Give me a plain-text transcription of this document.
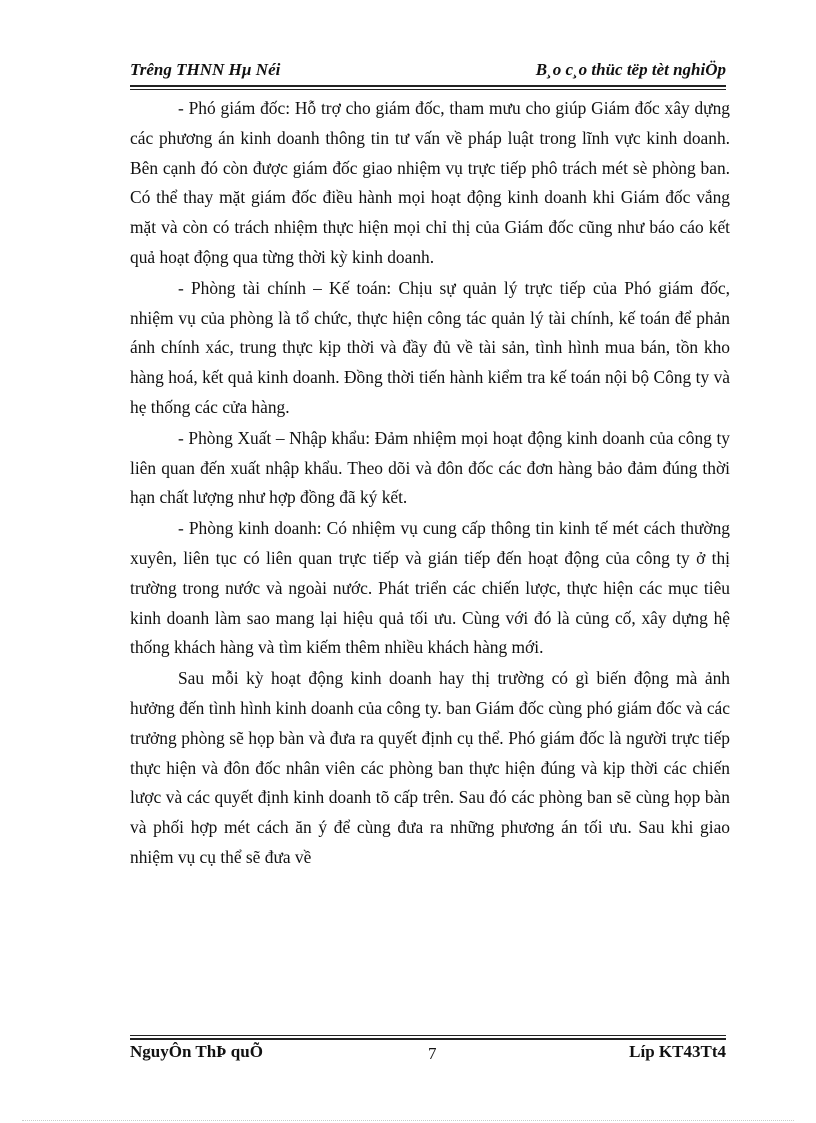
Trêng THNN Hµ Néi	B¸o c¸o thüc tëp tèt nghiÖp

- Phó giám đốc: Hỗ trợ cho giám đốc, tham mưu cho giúp Giám đốc xây dựng các phương án kinh doanh thông tin tư vấn về pháp luật trong lĩnh vực kinh doanh. Bên cạnh đó còn được giám đốc giao nhiệm vụ trực tiếp phô trách mét sè phòng ban. Có thể thay mặt giám đốc điều hành mọi hoạt động kinh doanh khi Giám đốc vắng mặt và còn có trách nhiệm thực hiện mọi chỉ thị của Giám đốc cũng như báo cáo kết quả hoạt động qua từng thời kỳ kinh doanh.

- Phòng tài chính – Kế toán: Chịu sự quản lý trực tiếp của Phó giám đốc, nhiệm vụ của phòng là tổ chức, thực hiện công tác quản lý tài chính, kế toán để phản ánh chính xác, trung thực kịp thời và đầy đủ về tài sản, tình hình mua bán, tồn kho hàng hoá, kết quả kinh doanh. Đồng thời tiến hành kiểm tra kế toán nội bộ Công ty và hẹ thống các cửa hàng.

- Phòng Xuất – Nhập khẩu: Đảm nhiệm mọi hoạt động kinh doanh của công ty liên quan đến xuất nhập khẩu. Theo dõi và đôn đốc các đơn hàng bảo đảm đúng thời hạn chất lượng như hợp đồng đã ký kết.

- Phòng kinh doanh: Có nhiệm vụ cung cấp thông tin kinh tế mét cách thường xuyên, liên tục có liên quan trực tiếp và gián tiếp đến hoạt động của công ty ở thị trường trong nước và ngoài nước. Phát triển các chiến lược, thực hiện các mục tiêu kinh doanh làm sao mang lại hiệu quả tối ưu. Cùng với đó là củng cố, xây dựng hệ thống khách hàng và tìm kiếm thêm nhiều khách hàng mới.

Sau mỗi kỳ hoạt động kinh doanh hay thị trường có gì biến động mà ảnh hưởng đến tình hình kinh doanh của công ty. ban Giám đốc cùng phó giám đốc và các trưởng phòng sẽ họp bàn và đưa ra quyết định cụ thể. Phó giám đốc là người trực tiếp thực hiện và đôn đốc nhân viên các phòng ban thực hiện đúng và kịp thời các chiến lược và các quyết định kinh doanh tõ cấp trên. Sau đó các phòng ban sẽ cùng họp bàn và phối hợp mét cách ăn ý để cùng đưa ra những phương án tối ưu. Sau khi giao nhiệm vụ cụ thể sẽ đưa về

NguyÔn ThÞ quÕ	7	Líp KT43Tt4
